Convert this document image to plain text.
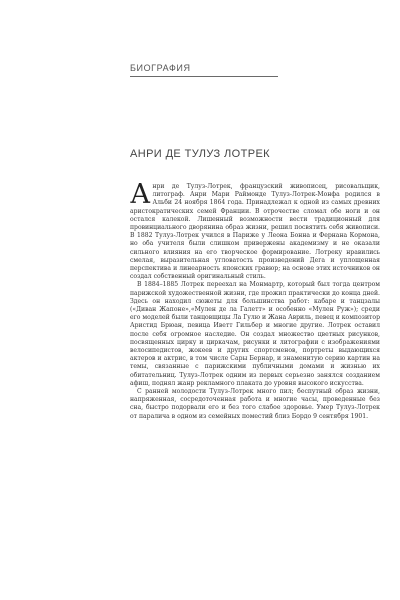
БИОГРАФИЯ
АНРИ ДЕ ТУЛУЗ ЛОТРЕК

Анри де Тулуз-Лотрек, французский живописец, рисовальщик, литограф. Анри Мари Раймонде Тулуз-Лотрек-Монфа родился в Альби 24 ноября 1864 года. Принадлежал к одной из самых древних аристократических семей Франции. В отрочестве сломал обе ноги и он остался калекой. Лишенный возможности вести традиционный для провинциального дворянина образ жизни, решил посвятить себя живописи. В 1882 Тулуз-Лотрек учился в Париже у Леона Бонна и Фернана Кормона, но оба учителя были слишком привержены академизму и не оказали сильного влияния на его творческое формирование. Лотреку нравились смелая, выразительная угловатость произведений Дега и уплощенная перспектива и линеарность японских гравюр; на основе этих источников он создал собственный оригинальный стиль.

В 1884–1885 Лотрек переехал на Монмартр, который был тогда центром парижской художественной жизни, где прожил практически до конца дней. Здесь он находил сюжеты для большинства работ: кабаре и танцзалы («Диван Жапоне»,«Мулен де ла Галетт» и особенно «Мулен Руж»); среди его моделей были танцовщицы Ла Гулю и Жана Авриль, певец и композитор Аристид Брюан, певица Иветт Гильбер и многие другие. Лотрек оставил после себя огромное наследие. Он создал множество цветных рисунков, посвященных цирку и циркачам, рисунки и литографии с изображениями велосипедистов, жокеев и других спортсменов, портреты выдающихся актеров и актрис, в том числе Сары Бернар, и знаменитую серию картин на темы, связанные с парижскими публичными домами и жизнью их обитательниц. Тулуз-Лотрек одним из первых серьезно занялся созданием афиш, поднял жанр рекламного плаката до уровня высокого искусства.

С ранней молодости Тулуз-Лотрек много пил; беспутный образ жизни, напряженная, сосредоточенная работа и многие часы, проведенные без сна, быстро подорвали его и без того слабое здоровье. Умер Тулуз-Лотрек от паралича в одном из семейных поместий близ Бордо 9 сентября 1901.
